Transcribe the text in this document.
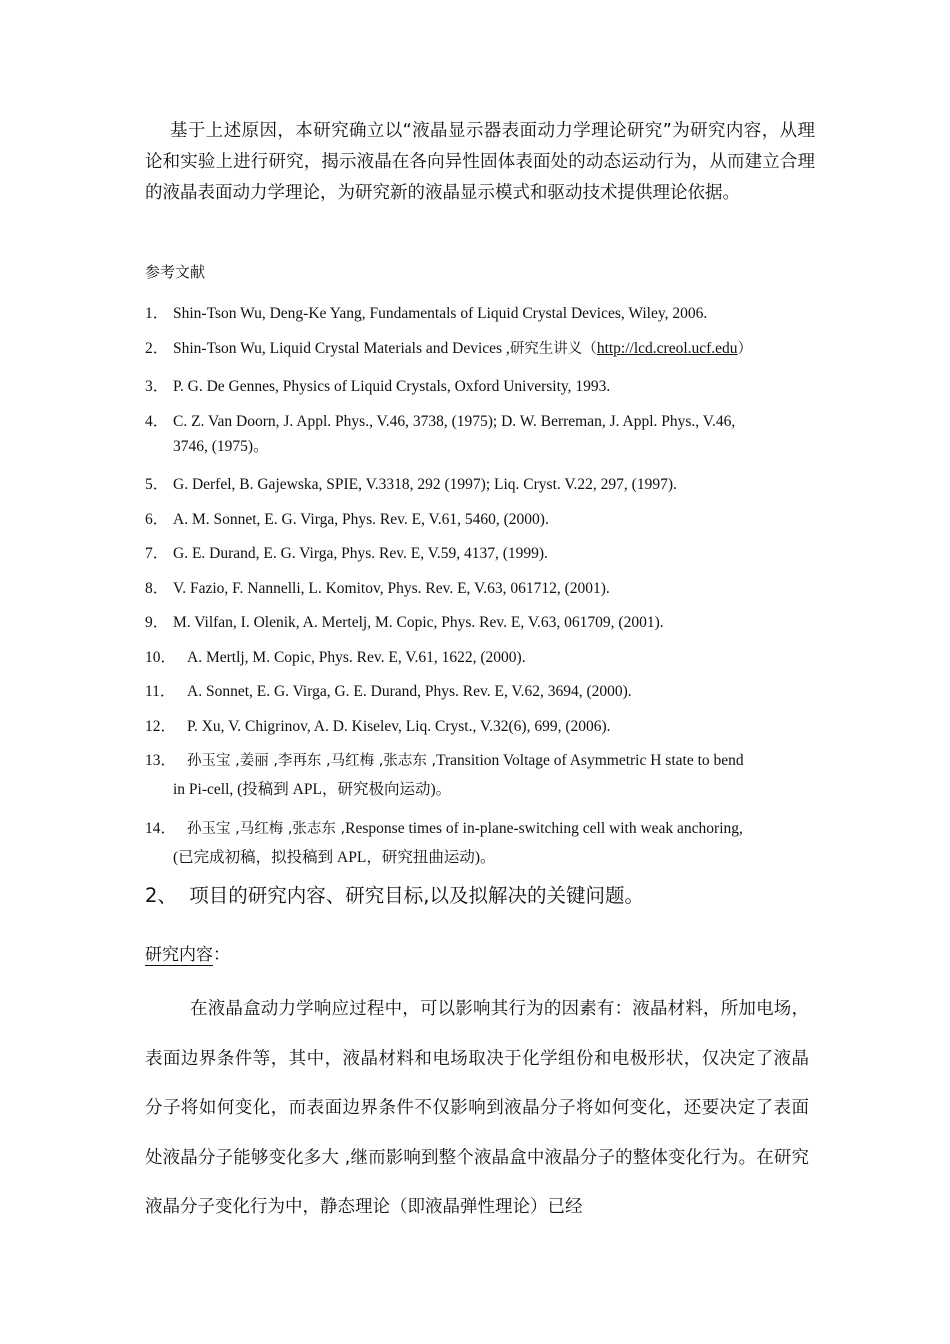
基于上述原因，本研究确立以“液晶显示器表面动力学理论研究”为研究内容，从理论和实验上进行研究，揭示液晶在各向异性固体表面处的动态运动行为，从而建立合理的液晶表面动力学理论，为研究新的液晶显示模式和驱动技术提供理论依据。

参考文献
1． Shin-Tson Wu, Deng-Ke Yang, Fundamentals of Liquid Crystal Devices, Wiley, 2006.
2． Shin-Tson Wu, Liquid Crystal Materials and Devices ,研究生讲义（http://lcd.creol.ucf.edu）
3． P. G. De Gennes, Physics of Liquid Crystals, Oxford University, 1993.
4． C. Z. Van Doorn, J. Appl. Phys., V.46, 3738, (1975); D. W. Berreman, J. Appl. Phys., V.46,
3746, (1975)。
5． G. Derfel, B. Gajewska, SPIE, V.3318, 292 (1997); Liq. Cryst. V.22, 297, (1997).
6． A. M. Sonnet, E. G. Virga, Phys. Rev. E, V.61, 5460, (2000).
7． G. E. Durand, E. G. Virga, Phys. Rev. E, V.59, 4137, (1999).
8． V. Fazio, F. Nannelli, L. Komitov, Phys. Rev. E, V.63, 061712, (2001).
9． M. Vilfan, I. Olenik, A. Mertelj, M. Copic, Phys. Rev. E, V.63, 061709, (2001).
10． A. Mertlj, M. Copic, Phys. Rev. E, V.61, 1622, (2000).
11． A. Sonnet, E. G. Virga, G. E. Durand, Phys. Rev. E, V.62, 3694, (2000).
12． P. Xu, V. Chigrinov, A. D. Kiselev, Liq. Cryst., V.32(6), 699, (2006).
13． 孙玉宝 ,姜丽 ,李再东 ,马红梅 ,张志东 ,Transition Voltage of Asymmetric H state to bend
in Pi-cell, (投稿到 APL，研究极向运动)。
14． 孙玉宝 ,马红梅 ,张志东 ,Response times of in-plane-switching cell with weak anchoring,
(已完成初稿，拟投稿到 APL，研究扭曲运动)。
2、  项目的研究内容、研究目标,以及拟解决的关键问题。
研究内容：

在液晶盒动力学响应过程中，可以影响其行为的因素有：液晶材料，所加电场，表面边界条件等，其中，液晶材料和电场取决于化学组份和电极形状，仅决定了液晶分子将如何变化，而表面边界条件不仅影响到液晶分子将如何变化，还要决定了表面处液晶分子能够变化多大 ,继而影响到整个液晶盒中液晶分子的整体变化行为。在研究液晶分子变化行为中，静态理论（即液晶弹性理论）已经
